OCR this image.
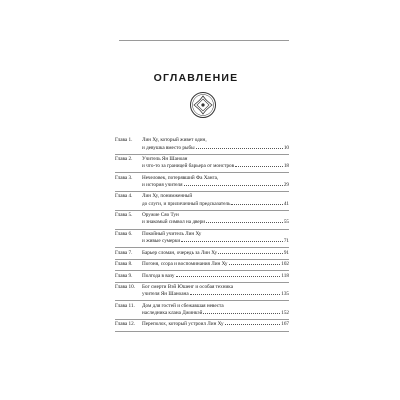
ОГЛАВЛЕНИЕ
Глава 1.	Лин Ху, который живет один,
и девушка вместо рыбы	10
Глава 2.	Учитель Ян Шаноан
и что-то за границей барьера от монстров	18
Глава 3.	Нечеловек, потерявший Фа Ханга,
и история учителя	29
Глава 4.	Лин Ху, понимженный
до слуги, и приличичный предсказатель	41
Глава 5.	Оружие Сяо Тун
и знакомый символ на двери	55
Глава 6.	Покойный учитель Лин Ху
и живые сумерки	71
Глава 7.	Барьер сломан, очередь за Лин Ху	91
Глава 8.	Погоня, ссора и воспоминания Лин Ху	102
Глава 9.	Полгода в вазу	118
Глава 10.	Бог смерти Вэй Юшенг и особая техника
учителя Ян Шаноана	135
Глава 11.	Дом для гостей и сбежавшая невеста
наследника клана Джинкэй	152
Глава 12.	Переполох, который устроил Лин Ху	167
